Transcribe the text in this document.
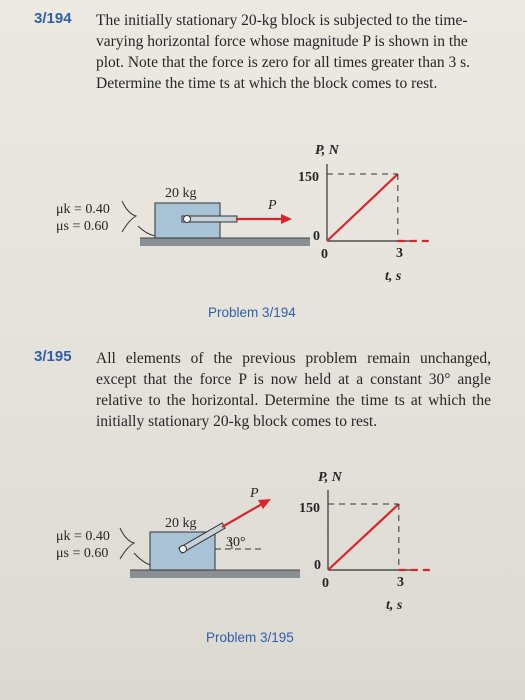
3/194 The initially stationary 20-kg block is subjected to the time-varying horizontal force whose magnitude P is shown in the plot. Note that the force is zero for all times greater than 3 s. Determine the time ts at which the block comes to rest.

20 kg
P
μk = 0.40
μs = 0.60
P, N
150
0
0	3
t, s
Problem 3/194
3/195 All elements of the previous problem remain unchanged, except that the force P is now held at a constant 30° angle relative to the horizontal. Determine the time ts at which the initially stationary 20-kg block comes to rest.

20 kg
P
30°
μk = 0.40
μs = 0.60
P, N
150
0
0	3
t, s
Problem 3/195
